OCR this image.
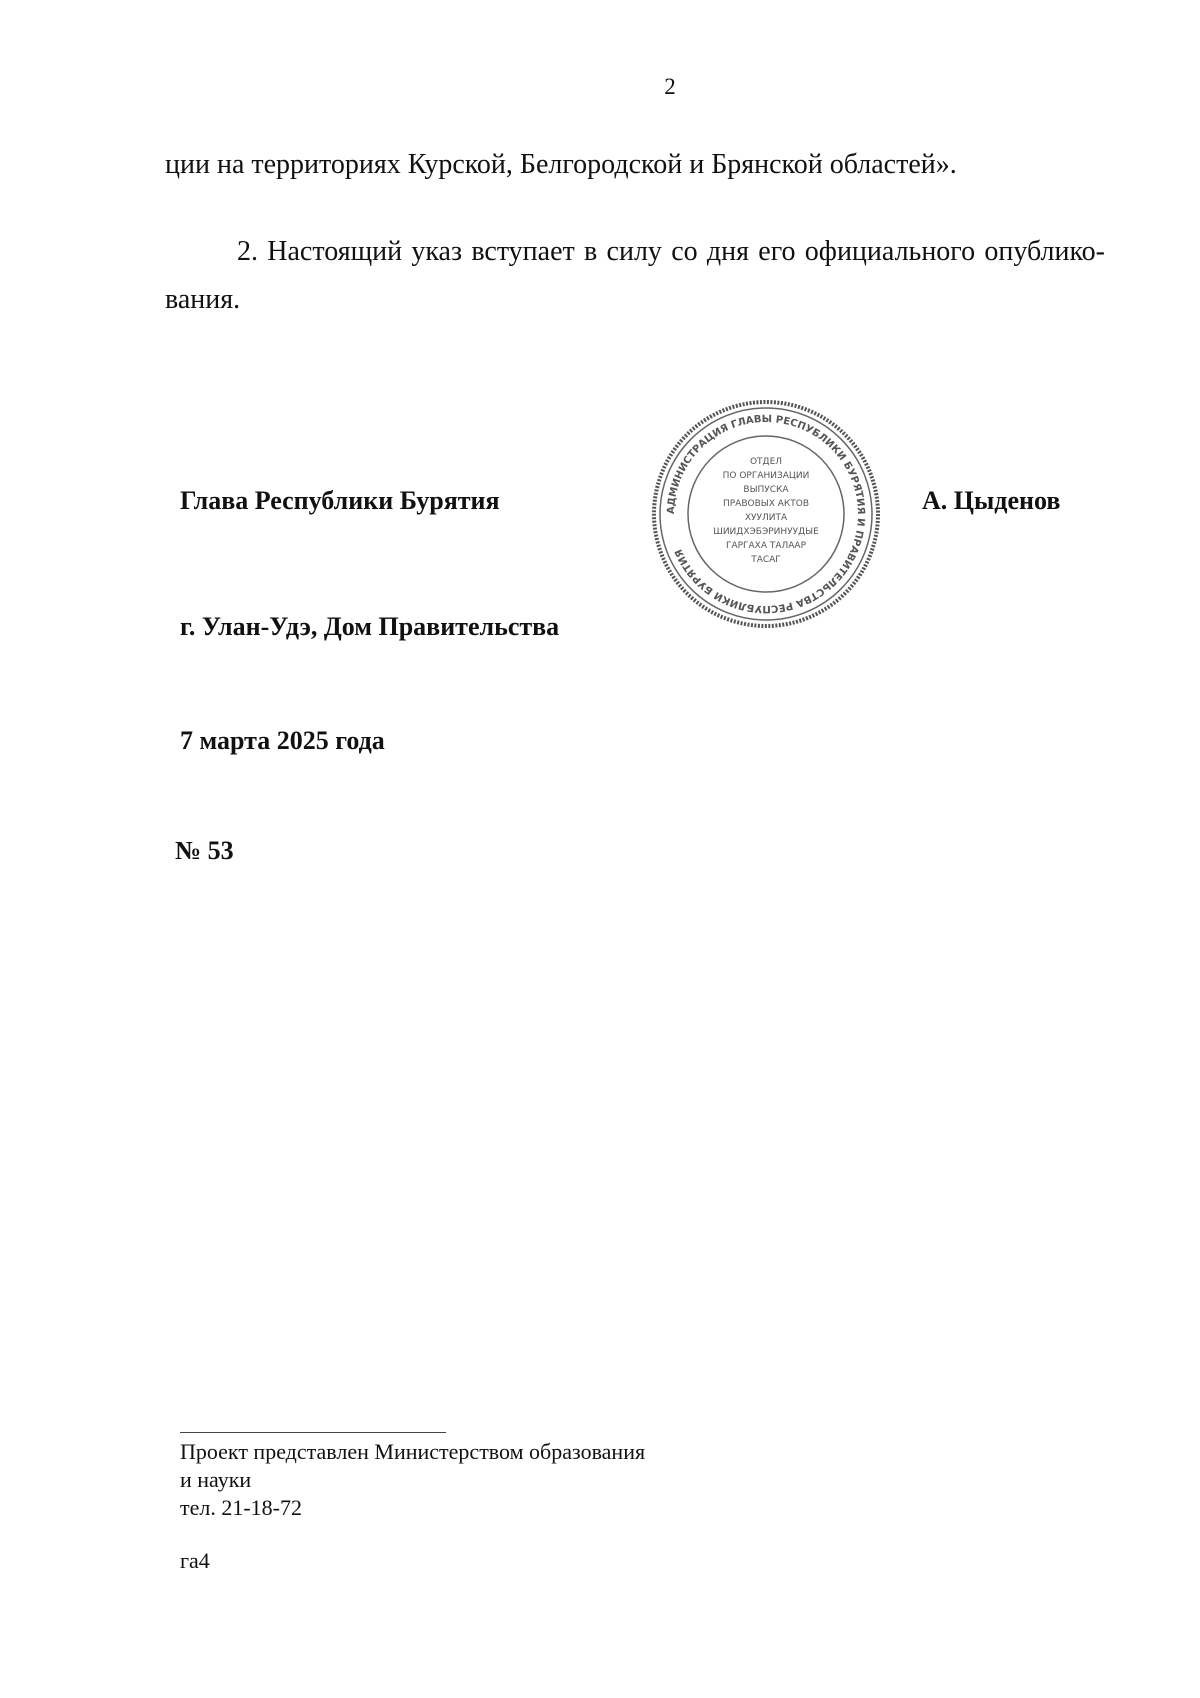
2

ции на территориях Курской, Белгородской и Брянской областей».

2. Настоящий указ вступает в силу со дня его официального опублико-вания.

Глава Республики Бурятия	АДМИНИСТРАЦИЯ ГЛАВЫ РЕСПУБЛИКИ БУРЯТИЯ И ПРАВИТЕЛЬСТВА РЕСПУБЛИКИ БУРЯТИЯ
ОТДЕЛ
ПО ОРГАНИЗАЦИИ
ВЫПУСКА
ПРАВОВЫХ АКТОВ
ХУУЛИТА
ШИИДХЭБЭРИНУУДЫЕ
ГАРГАХА ТАЛААР
ТАСАГ
А. Цыденов
г. Улан-Удэ, Дом Правительства
7 марта 2025 года
№ 53
Проект представлен Министерством образования
и науки
тел. 21-18-72
га4
